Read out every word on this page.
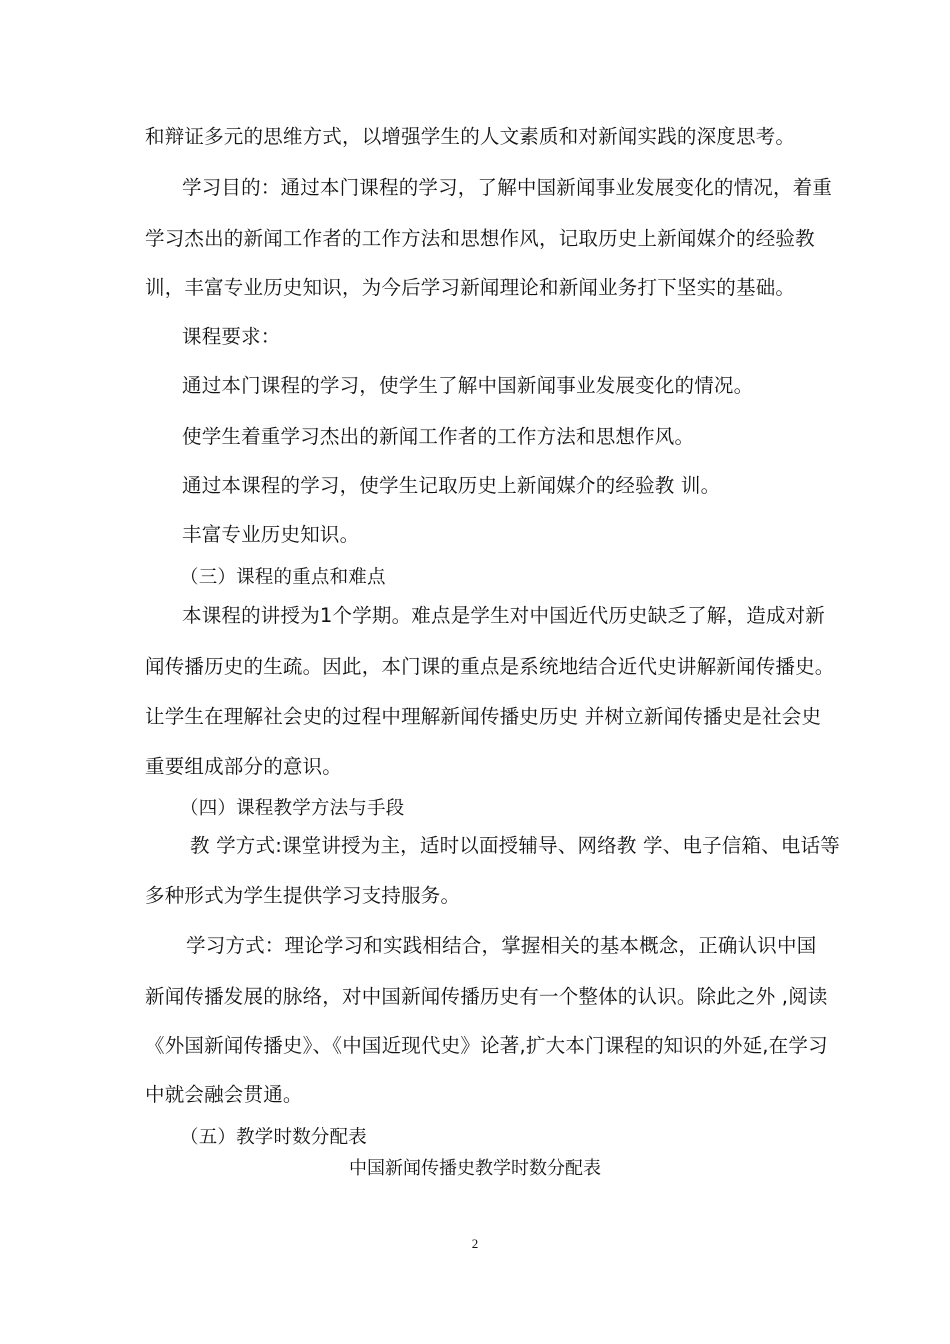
和辩证多元的思维方式，以增强学生的人文素质和对新闻实践的深度思考。
学习目的：通过本门课程的学习，了解中国新闻事业发展变化的情况，着重
学习杰出的新闻工作者的工作方法和思想作风，记取历史上新闻媒介的经验教
训，丰富专业历史知识，为今后学习新闻理论和新闻业务打下坚实的基础。
课程要求：
通过本门课程的学习，使学生了解中国新闻事业发展变化的情况。
使学生着重学习杰出的新闻工作者的工作方法和思想作风。
通过本课程的学习，使学生记取历史上新闻媒介的经验教 训。
丰富专业历史知识。
（三）课程的重点和难点
本课程的讲授为1个学期。难点是学生对中国近代历史缺乏了解，造成对新
闻传播历史的生疏。因此，本门课的重点是系统地结合近代史讲解新闻传播史。
让学生在理解社会史的过程中理解新闻传播史历史 并树立新闻传播史是社会史
重要组成部分的意识。
（四）课程教学方法与手段
教 学方式:课堂讲授为主，适时以面授辅导、网络教 学、电子信箱、电话等
多种形式为学生提供学习支持服务。
学习方式：理论学习和实践相结合，掌握相关的基本概念，正确认识中国
新闻传播发展的脉络，对中国新闻传播历史有一个整体的认识。除此之外 ,阅读
《外国新闻传播史》、《中国近现代史》论著,扩大本门课程的知识的外延,在学习
中就会融会贯通。
（五）教学时数分配表
中国新闻传播史教学时数分配表
2
